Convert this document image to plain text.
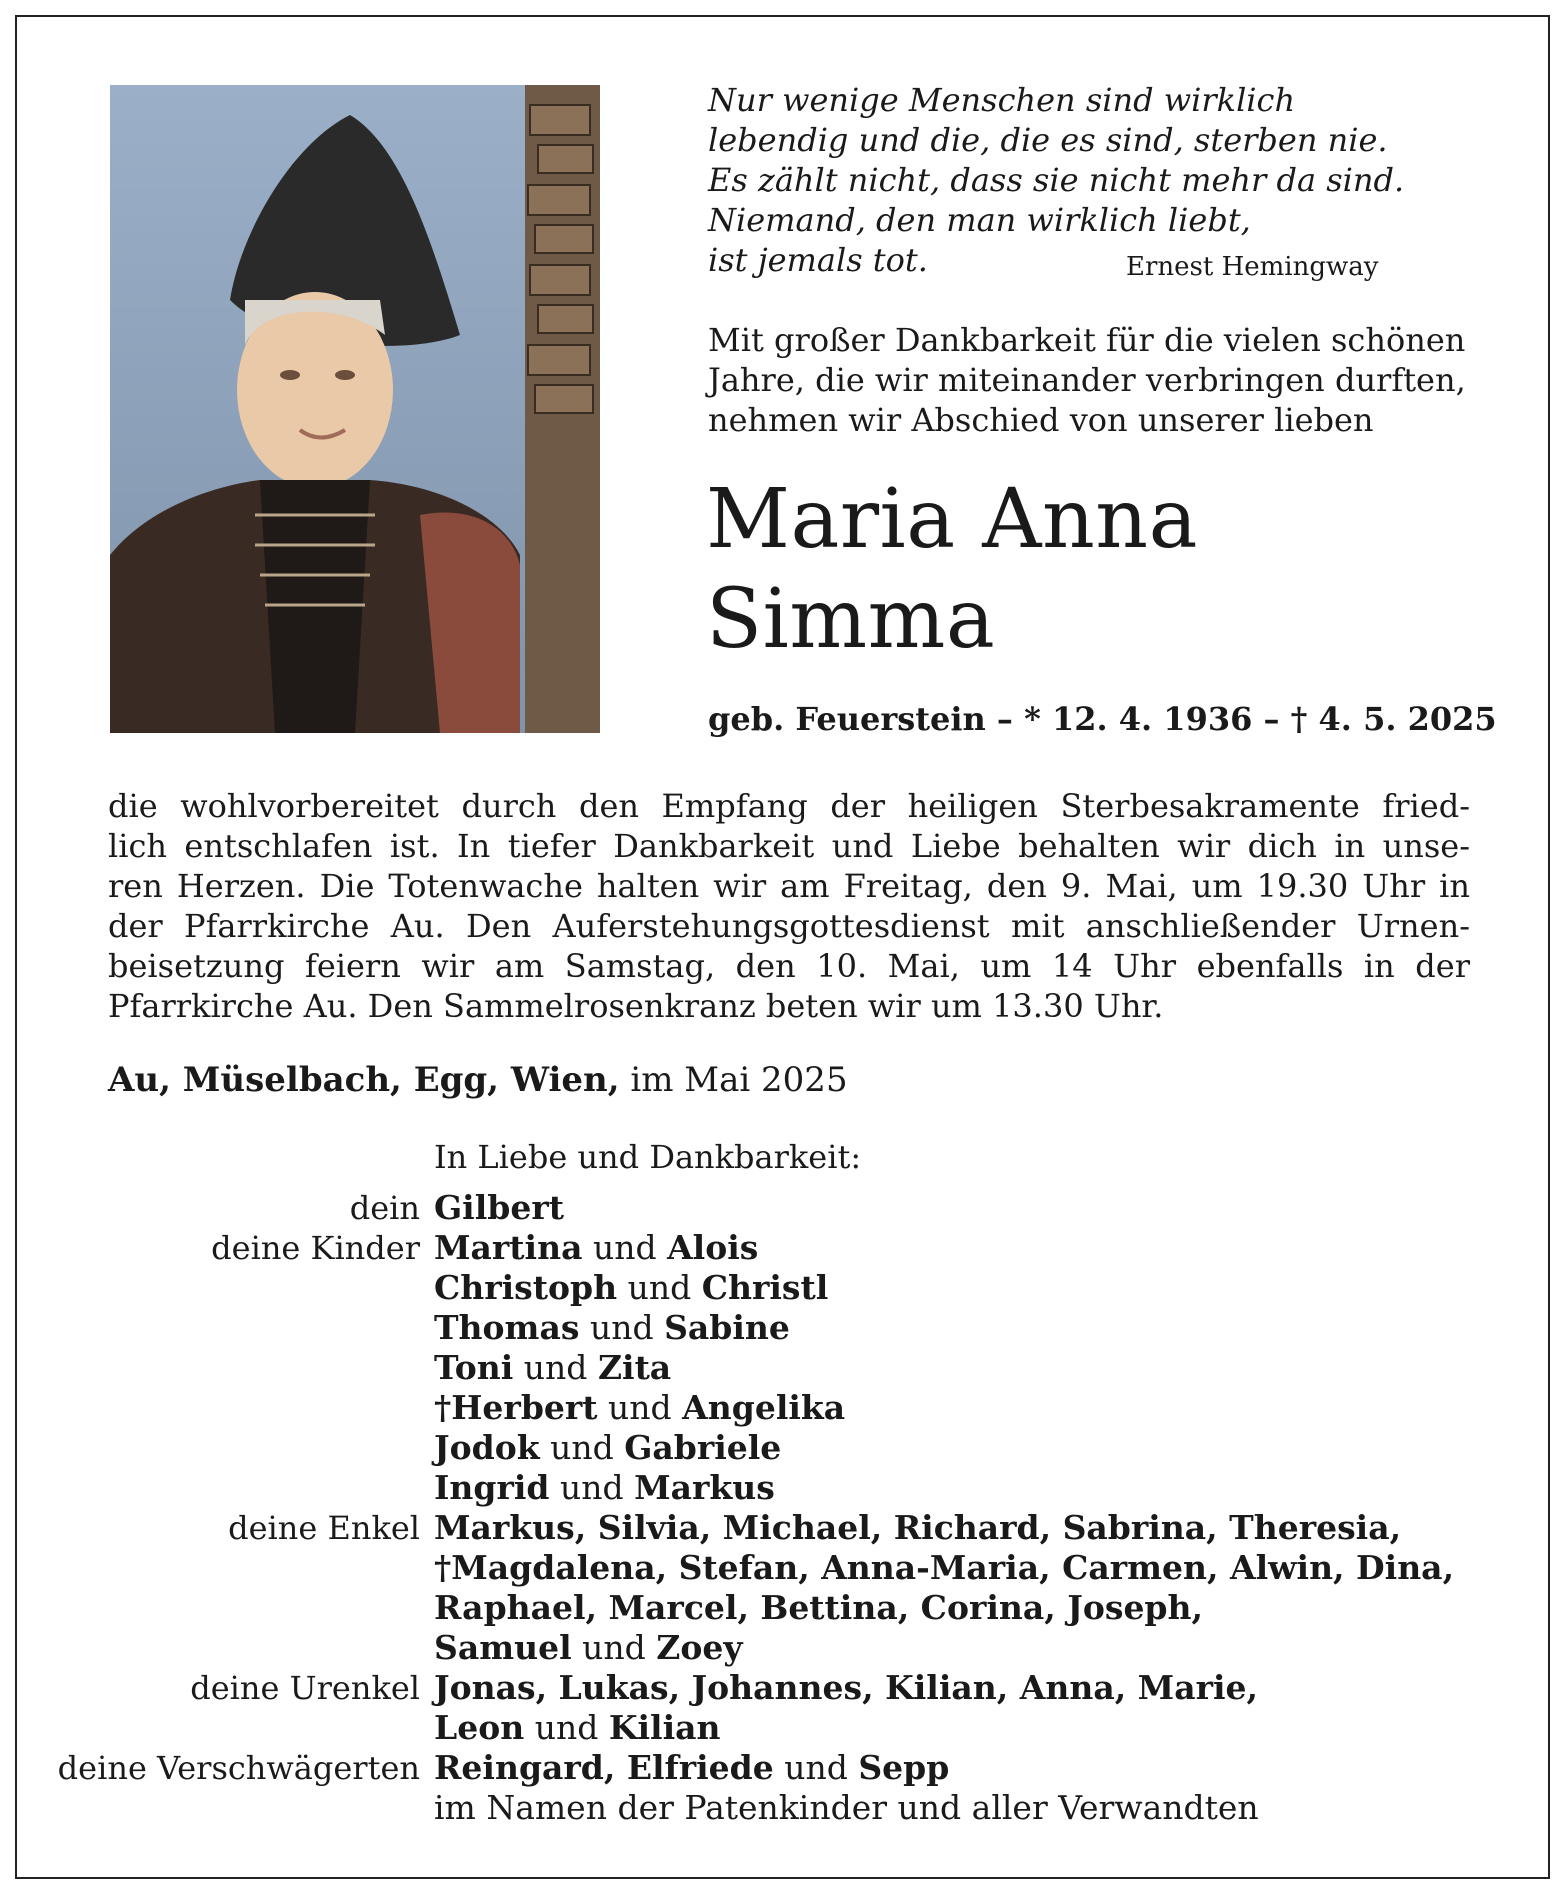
Nur wenige Menschen sind wirklich
lebendig und die, die es sind, sterben nie.
Es zählt nicht, dass sie nicht mehr da sind.
Niemand, den man wirklich liebt,
ist jemals tot.	Ernest Hemingway
Mit großer Dankbarkeit für die vielen schönen
Jahre, die wir miteinander verbringen durften,
nehmen wir Abschied von unserer lieben
Maria Anna
Simma
geb. Feuerstein – * 12. 4. 1936 – † 4. 5. 2025
die wohlvorbereitet durch den Empfang der heiligen Sterbesakramente fried-
lich entschlafen ist. In tiefer Dankbarkeit und Liebe behalten wir dich in unse-
ren Herzen. Die Totenwache halten wir am Freitag, den 9. Mai, um 19.30 Uhr in
der Pfarrkirche Au. Den Auferstehungsgottesdienst mit anschließender Urnen-
beisetzung feiern wir am Samstag, den 10. Mai, um 14 Uhr ebenfalls in der
Pfarrkirche Au. Den Sammelrosenkranz beten wir um 13.30 Uhr.
Au, Müselbach, Egg, Wien, im Mai 2025
In Liebe und Dankbarkeit:
dein Gilbert
deine Kinder Martina und Alois
Christoph und Christl
Thomas und Sabine
Toni und Zita
†Herbert und Angelika
Jodok und Gabriele
Ingrid und Markus
deine Enkel Markus, Silvia, Michael, Richard, Sabrina, Theresia,
†Magdalena, Stefan, Anna-Maria, Carmen, Alwin, Dina,
Raphael, Marcel, Bettina, Corina, Joseph,
Samuel und Zoey
deine Urenkel Jonas, Lukas, Johannes, Kilian, Anna, Marie,
Leon und Kilian
deine Verschwägerten Reingard, Elfriede und Sepp
im Namen der Patenkinder und aller Verwandten
